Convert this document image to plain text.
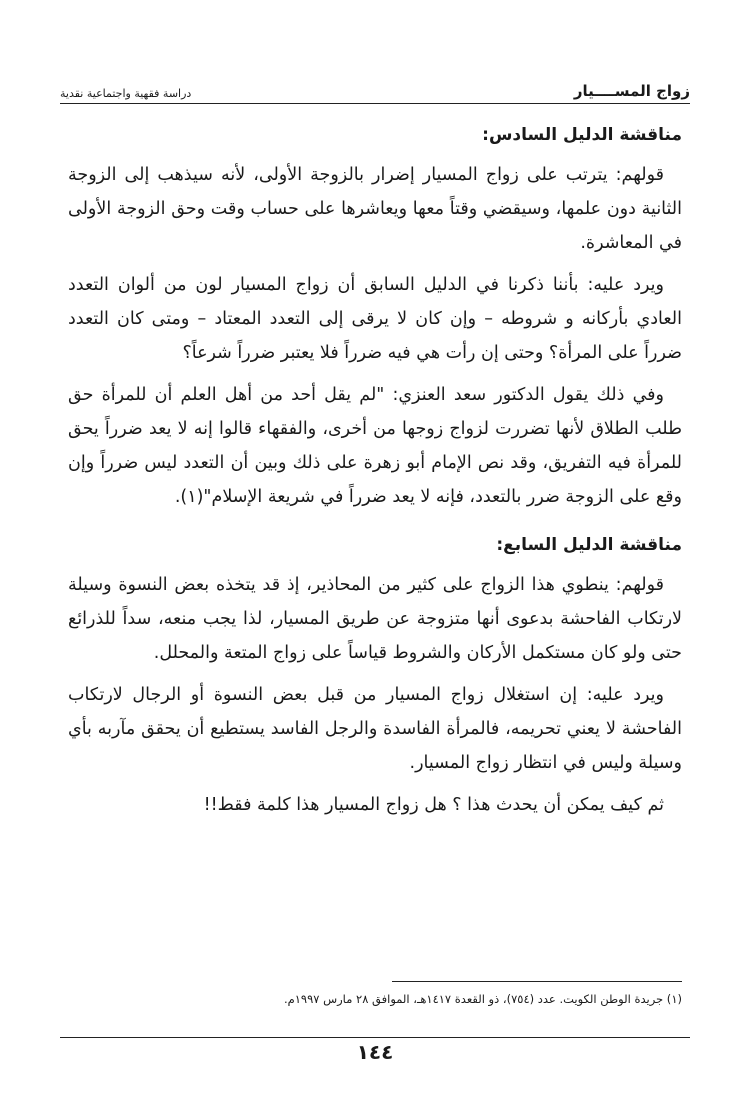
زواج المســــيار
دراسة فقهية واجتماعية نقدية

مناقشة الدليل السادس:

قولهم: يترتب على زواج المسيار إضرار بالزوجة الأولى، لأنه سيذهب إلى الزوجة الثانية دون علمها، وسيقضي وقتاً معها ويعاشرها على حساب وقت وحق الزوجة الأولى في المعاشرة.

ويرد عليه: بأننا ذكرنا في الدليل السابق أن زواج المسيار لون من ألوان التعدد العادي بأركانه و شروطه – وإن كان لا يرقى إلى التعدد المعتاد – ومتى كان التعدد ضرراً على المرأة؟ وحتى إن رأت هي فيه ضرراً فلا يعتبر ضرراً شرعاً؟

وفي ذلك يقول الدكتور سعد العنزي: "لم يقل أحد من أهل العلم أن للمرأة حق طلب الطلاق لأنها تضررت لزواج زوجها من أخرى، والفقهاء قالوا إنه لا يعد ضرراً يحق للمرأة فيه التفريق، وقد نص الإمام أبو زهرة على ذلك وبين أن التعدد ليس ضرراً وإن وقع على الزوجة ضرر بالتعدد، فإنه لا يعد ضرراً في شريعة الإسلام"(١).

مناقشة الدليل السابع:

قولهم: ينطوي هذا الزواج على كثير من المحاذير، إذ قد يتخذه بعض النسوة وسيلة لارتكاب الفاحشة بدعوى أنها متزوجة عن طريق المسيار، لذا يجب منعه، سداً للذرائع حتى ولو كان مستكمل الأركان والشروط قياساً على زواج المتعة والمحلل.

ويرد عليه: إن استغلال زواج المسيار من قبل بعض النسوة أو الرجال لارتكاب الفاحشة لا يعني تحريمه، فالمرأة الفاسدة والرجل الفاسد يستطيع أن يحقق مآربه بأي وسيلة وليس في انتظار زواج المسيار.

ثم كيف يمكن أن يحدث هذا ؟ هل زواج المسيار هذا كلمة فقط!!

(١) جريدة الوطن الكويت. عدد (٧٥٤)، ذو القعدة ١٤١٧هـ، الموافق ٢٨ مارس ١٩٩٧م.
١٤٤
